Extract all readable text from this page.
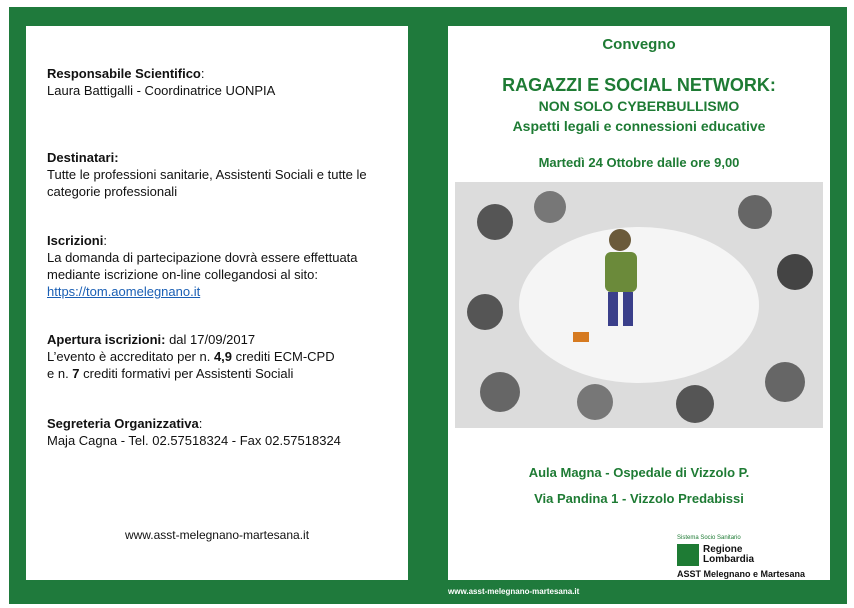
Responsabile Scientifico:
Laura Battigalli - Coordinatrice UONPIA
Destinatari:
Tutte le professioni sanitarie, Assistenti Sociali e tutte le categorie professionali
Iscrizioni:
La domanda di partecipazione dovrà essere effettuata mediante iscrizione on-line collegandosi al sito:
https://tom.aomelegnano.it
Apertura iscrizioni: dal 17/09/2017
L’evento è accreditato per n. 4,9 crediti ECM-CPD
e n. 7 crediti formativi per Assistenti Sociali
Segreteria Organizzativa:
Maja Cagna - Tel. 02.57518324 - Fax 02.57518324
www.asst-melegnano-martesana.it
Convegno
RAGAZZI E SOCIAL NETWORK:
NON SOLO CYBERBULLISMO
Aspetti legali e connessioni educative
Martedì 24 Ottobre dalle ore 9,00
Aula Magna - Ospedale di Vizzolo P.
Via Pandina 1 - Vizzolo Predabissi
Sistema Socio Sanitario
Regione
Lombardia
ASST Melegnano e Martesana
www.asst-melegnano-martesana.it
